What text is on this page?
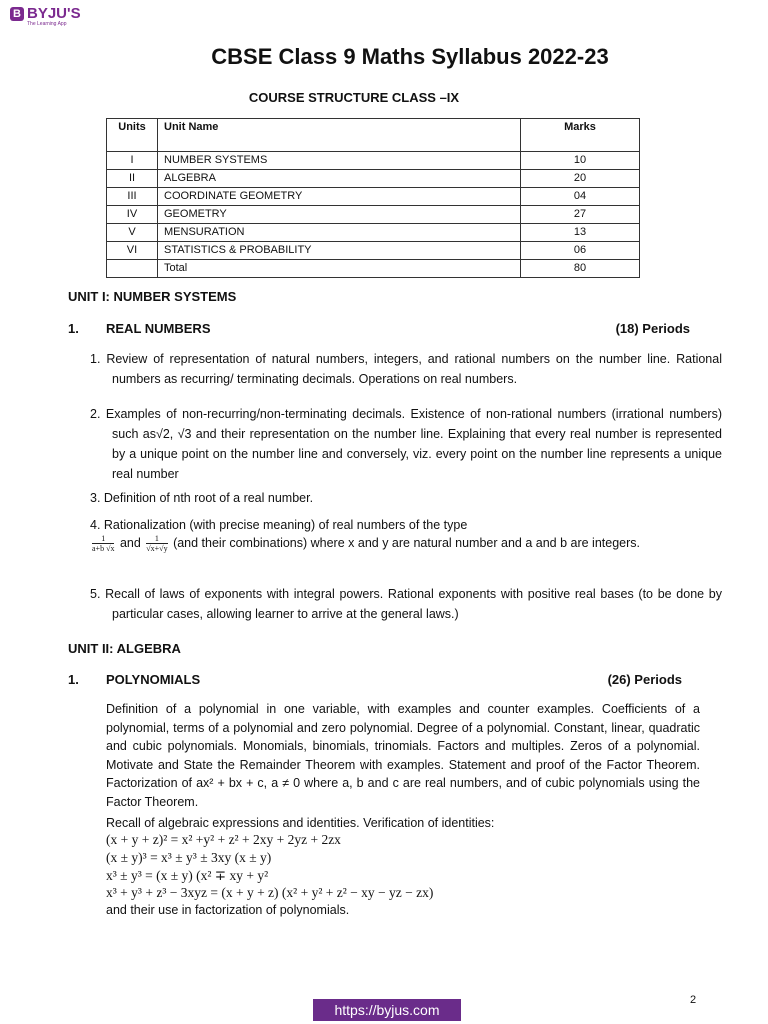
B BYJU'S
The Learning App
CBSE Class 9 Maths Syllabus 2022-23
COURSE STRUCTURE CLASS –IX
Units	Unit Name	Marks
I	NUMBER SYSTEMS	10
II	ALGEBRA	20
III	COORDINATE GEOMETRY	04
IV	GEOMETRY	27
V	MENSURATION	13
VI	STATISTICS & PROBABILITY	06
	Total	80
UNIT I: NUMBER SYSTEMS
1. REAL NUMBERS	(18) Periods
1. Review of representation of natural numbers, integers, and rational numbers on the number line. Rational numbers as recurring/ terminating decimals. Operations on real numbers.
2. Examples of non-recurring/non-terminating decimals. Existence of non-rational numbers (irrational numbers) such as√2, √3 and their representation on the number line. Explaining that every real number is represented by a unique point on the number line and conversely, viz. every point on the number line represents a unique real number
3. Definition of nth root of a real number.
4. Rationalization (with precise meaning) of real numbers of the type
$\frac{1}{a+b √x}$ and $\frac{1}{√x+√y} (and$ their combinations) where x and y are natural number and a and b are integers.
5. Recall of laws of exponents with integral powers. Rational exponents with positive real bases (to be done by particular cases, allowing learner to arrive at the general laws.)
UNIT II: ALGEBRA
1. POLYNOMIALS	(26) Periods
Definition of a polynomial in one variable, with examples and counter examples. Coefficients of a polynomial, terms of a polynomial and zero polynomial. Degree of a polynomial. Constant, linear, quadratic and cubic polynomials. Monomials, binomials, trinomials. Factors and multiples. Zeros of a polynomial. Motivate and State the Remainder Theorem with examples. Statement and proof of the Factor Theorem. Factorization of ax² + bx + c, a ≠ 0 where a, b and c are real numbers, and of cubic polynomials using the Factor Theorem.
Recall of algebraic expressions and identities. Verification of identities:
(x + y + z)² = x² +y² + z² + 2xy + 2yz + 2zx
(x ± y)³ = x³ ± y³ ± 3xy (x ± y)
x³ ± y³ = (x ± y) (x² ∓ xy + y²
x³ + y³ + z³ − 3xyz = (x + y + z) (x² + y² + z² − xy − yz − zx)
and their use in factorization of polynomials.
2
https://byjus.com
